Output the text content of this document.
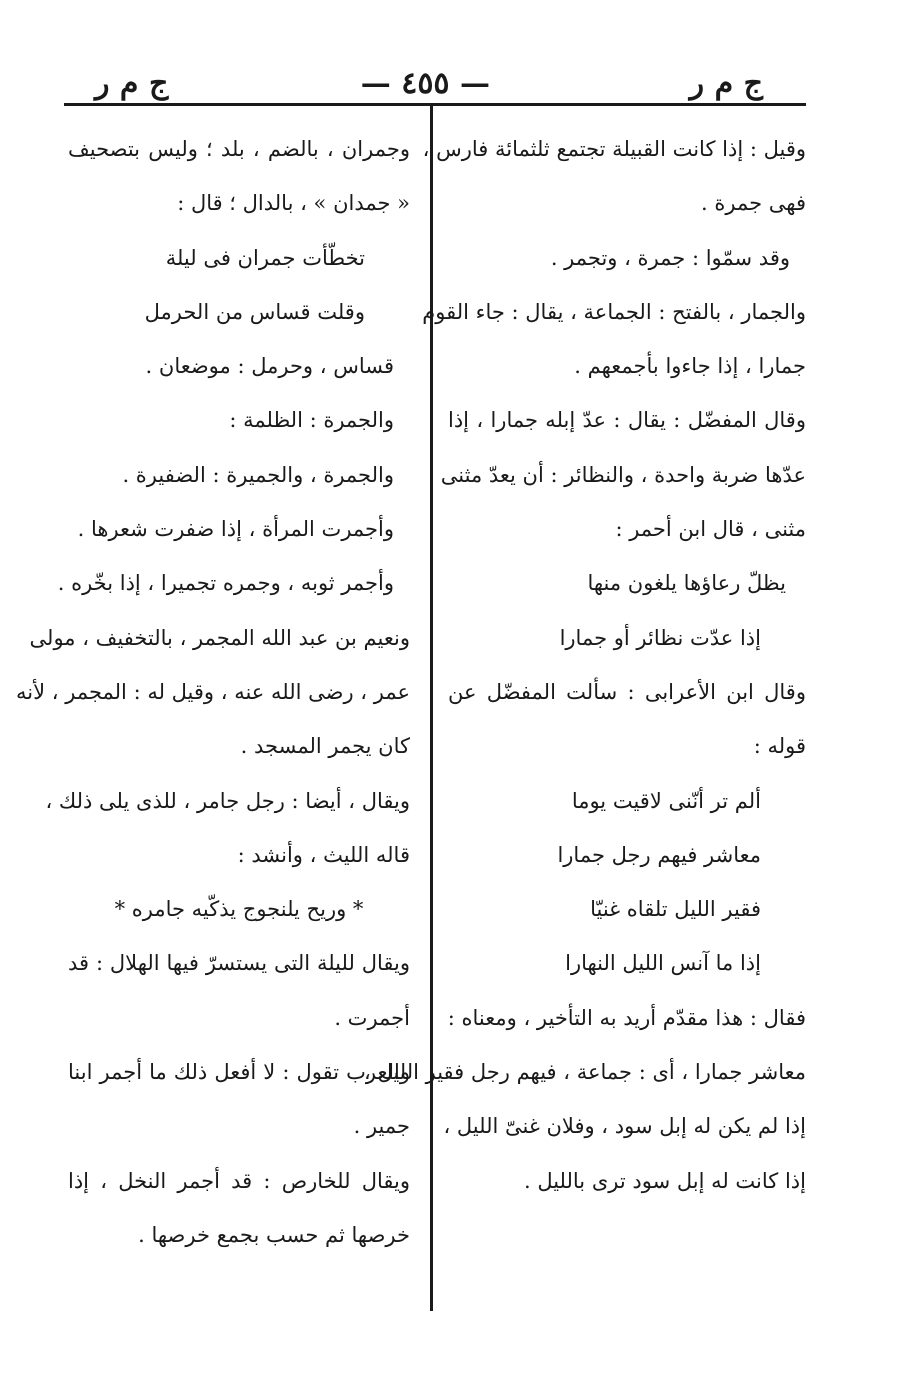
ج م ر
— ٤٥٥ —
ج م ر
وقيل : إذا كانت القبيلة تجتمع ثلثمائة فارس ،
فهى جمرة .
وقد سمّوا : جمرة ، وتجمر .
والجمار ، بالفتح : الجماعة ، يقال : جاء القوم
جمارا ، إذا جاءوا بأجمعهم .
وقال المفضّل : يقال : عدّ إبله جمارا ، إذا
عدّها ضربة واحدة ، والنظائر : أن يعدّ مثنى
مثنى ، قال ابن أحمر :
يظلّ رعاؤها يلغون منها
إذا عدّت نظائر أو جمارا
وقال ابن الأعرابى : سألت المفضّل عن
قوله :
ألم تر أنّنى لاقيت يوما
معاشر فيهم رجل جمارا
فقير الليل تلقاه غنيّا
إذا ما آنس الليل النهارا
فقال : هذا مقدّم أريد به التأخير ، ومعناه :
معاشر جمارا ، أى : جماعة ، فيهم رجل فقير الليل ،
إذا لم يكن له إبل سود ، وفلان غنىّ الليل ،
إذا كانت له إبل سود ترى بالليل .
وجمران ، بالضم ، بلد ؛ وليس بتصحيف
« جمدان » ، بالدال ؛ قال :
تخطّأت جمران فى ليلة
وقلت قساس من الحرمل
قساس ، وحرمل : موضعان .
والجمرة : الظلمة :
والجمرة ، والجميرة : الضفيرة .
وأجمرت المرأة ، إذا ضفرت شعرها .
وأجمر ثوبه ، وجمره تجميرا ، إذا بخّره .
ونعيم بن عبد الله المجمر ، بالتخفيف ، مولى
عمر ، رضى الله عنه ، وقيل له : المجمر ، لأنه
كان يجمر المسجد .
ويقال ، أيضا : رجل جامر ، للذى يلى ذلك ،
قاله الليث ، وأنشد :
* وريح يلنجوج يذكّيه جامره *
ويقال لليلة التى يستسرّ فيها الهلال : قد
أجمرت .
والعرب تقول : لا أفعل ذلك ما أجمر ابنا
جمير .
ويقال للخارص : قد أجمر النخل ، إذا
خرصها ثم حسب بجمع خرصها .
